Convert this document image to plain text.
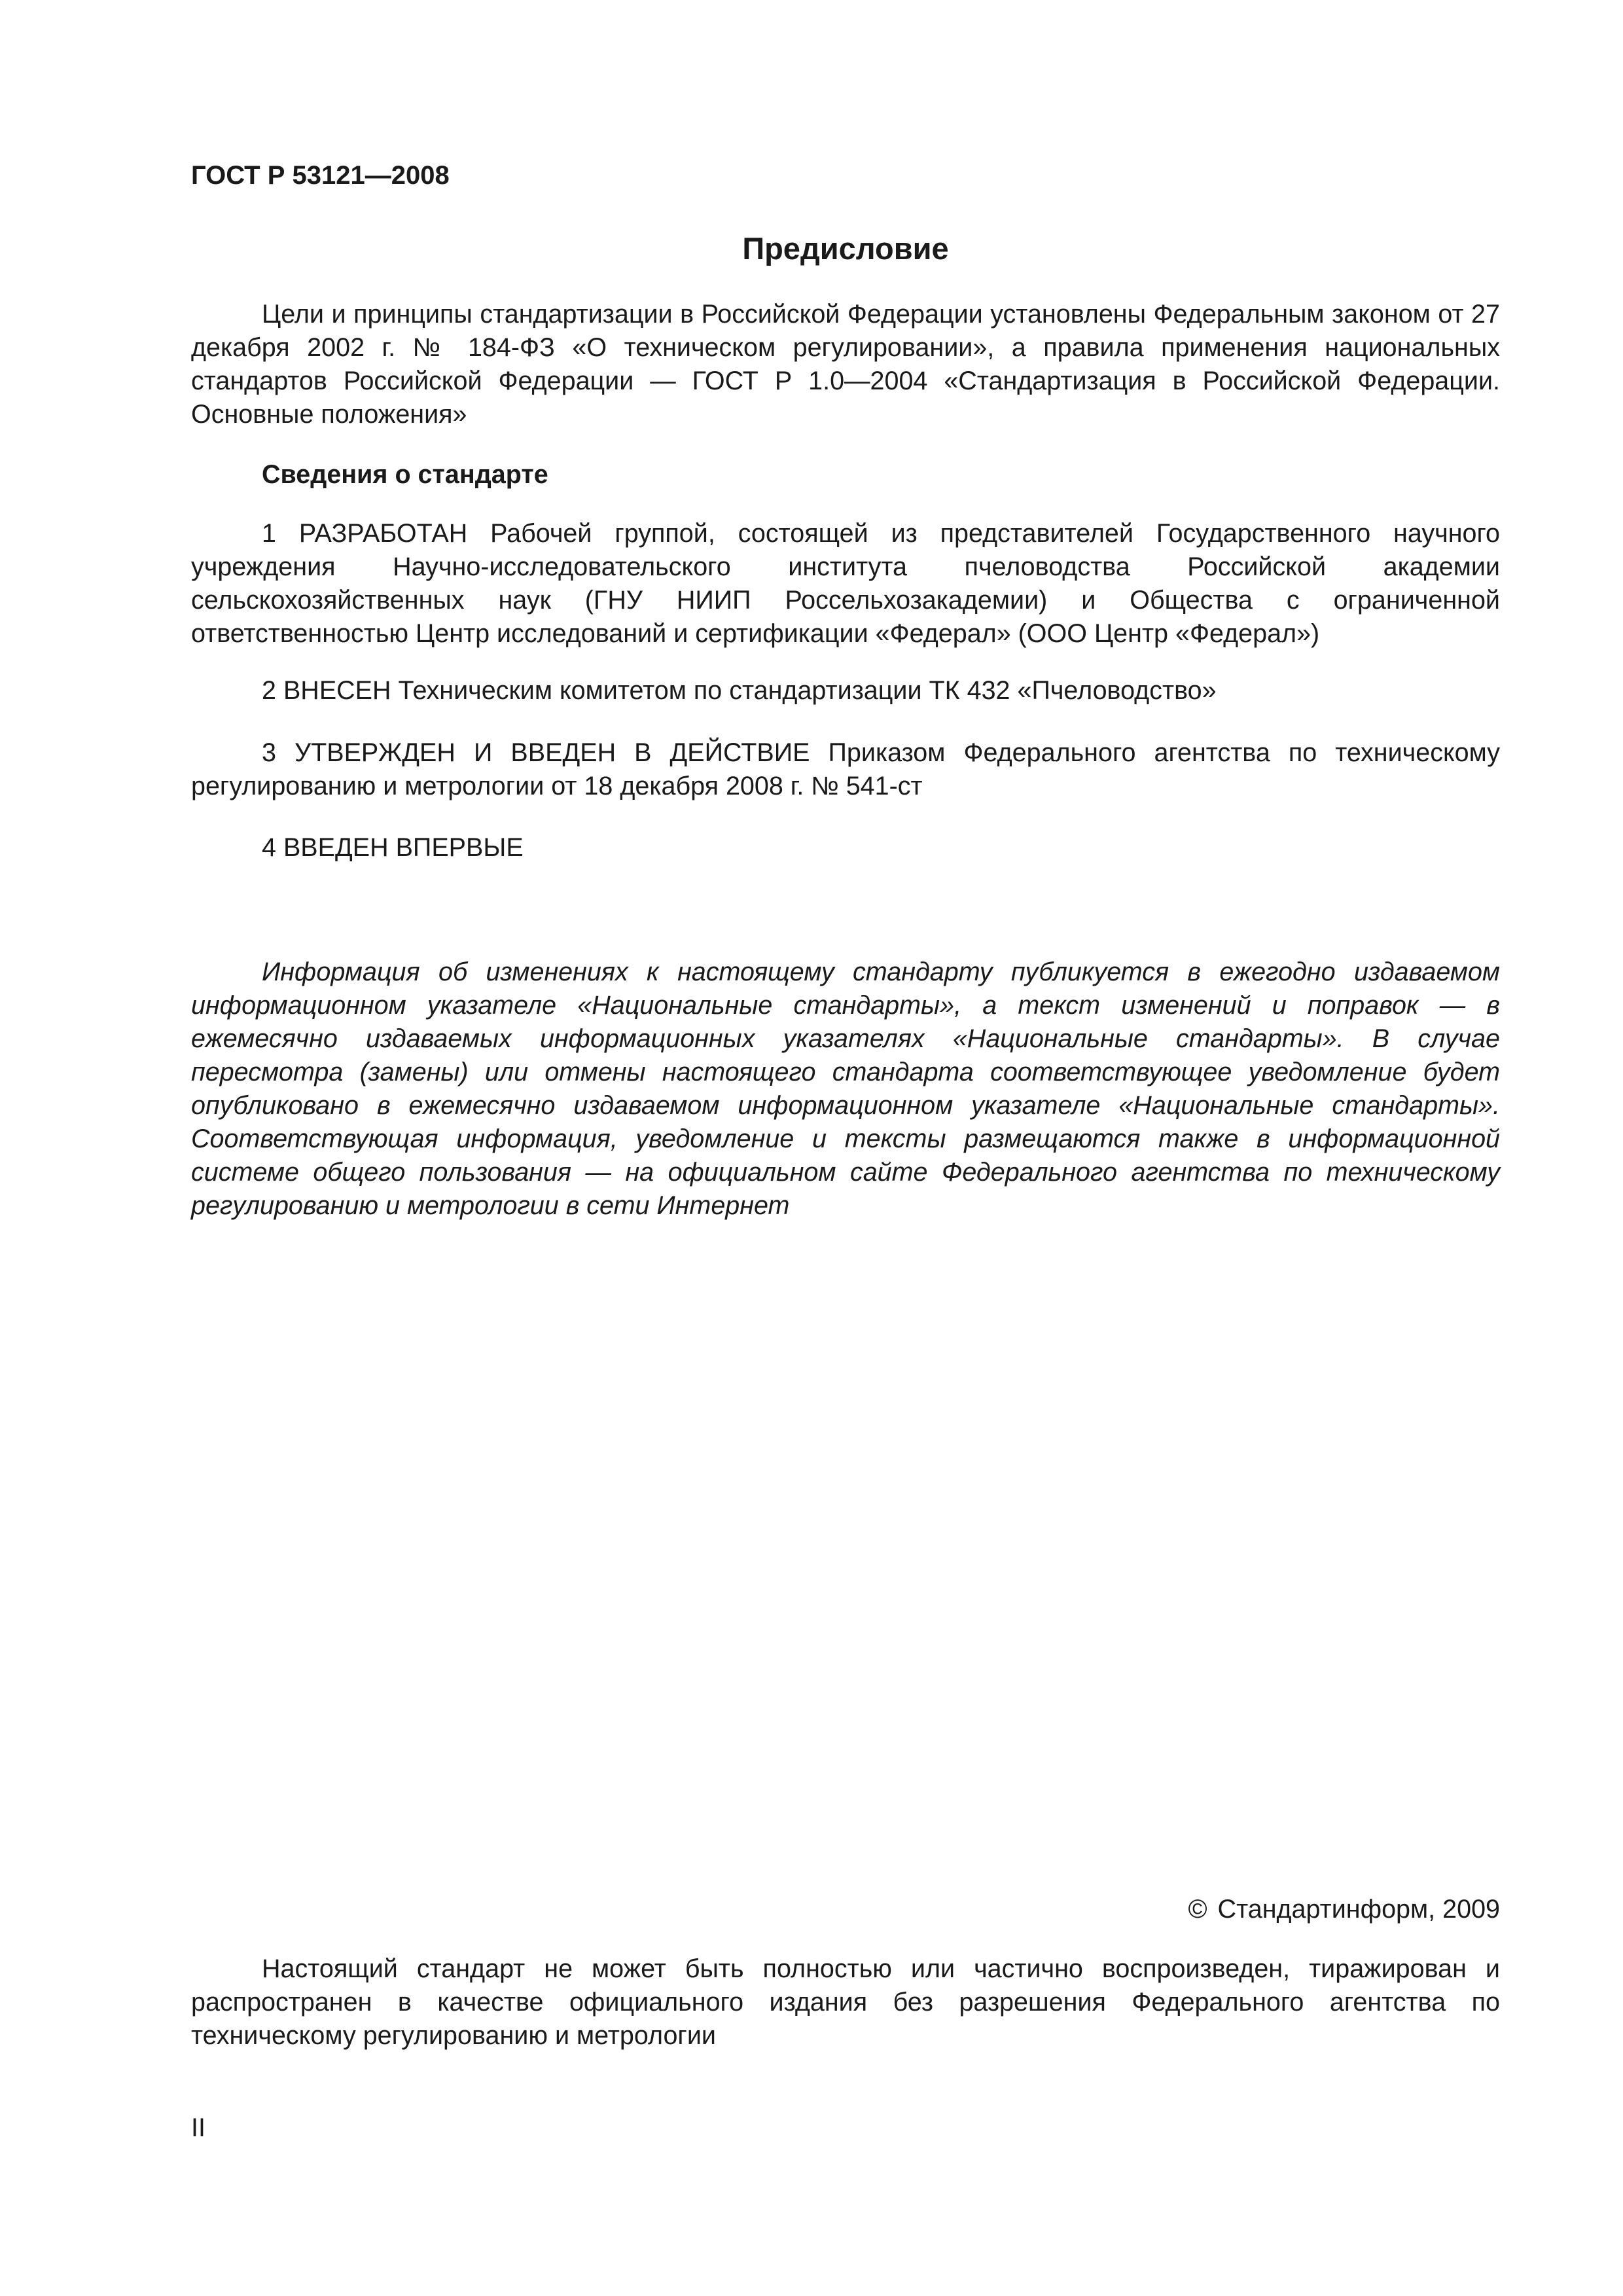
ГОСТ Р 53121—2008
Предисловие

Цели и принципы стандартизации в Российской Федерации установлены Федеральным законом от 27 декабря 2002 г. № 184-ФЗ «О техническом регулировании», а правила применения национальных стандартов Российской Федерации — ГОСТ Р 1.0—2004 «Стандартизация в Российской Федерации. Основные положения»

Сведения о стандарте

1 РАЗРАБОТАН Рабочей группой, состоящей из представителей Государственного научного учреждения Научно-исследовательского института пчеловодства Российской академии сельскохозяйственных наук (ГНУ НИИП Россельхозакадемии) и Общества с ограниченной ответственностью Центр исследований и сертификации «Федерал» (ООО Центр «Федерал»)

2 ВНЕСЕН Техническим комитетом по стандартизации ТК 432 «Пчеловодство»

3 УТВЕРЖДЕН И ВВЕДЕН В ДЕЙСТВИЕ Приказом Федерального агентства по техническому регулированию и метрологии от 18 декабря 2008 г. № 541-ст

4 ВВЕДЕН ВПЕРВЫЕ

Информация об изменениях к настоящему стандарту публикуется в ежегодно издаваемом информационном указателе «Национальные стандарты», а текст изменений и поправок — в ежемесячно издаваемых информационных указателях «Национальные стандарты». В случае пересмотра (замены) или отмены настоящего стандарта соответствующее уведомление будет опубликовано в ежемесячно издаваемом информационном указателе «Национальные стандарты». Соответствующая информация, уведомление и тексты размещаются также в информационной системе общего пользования — на официальном сайте Федерального агентства по техническому регулированию и метрологии в сети Интернет

© Стандартинформ, 2009

Настоящий стандарт не может быть полностью или частично воспроизведен, тиражирован и распространен в качестве официального издания без разрешения Федерального агентства по техническому регулированию и метрологии

II
